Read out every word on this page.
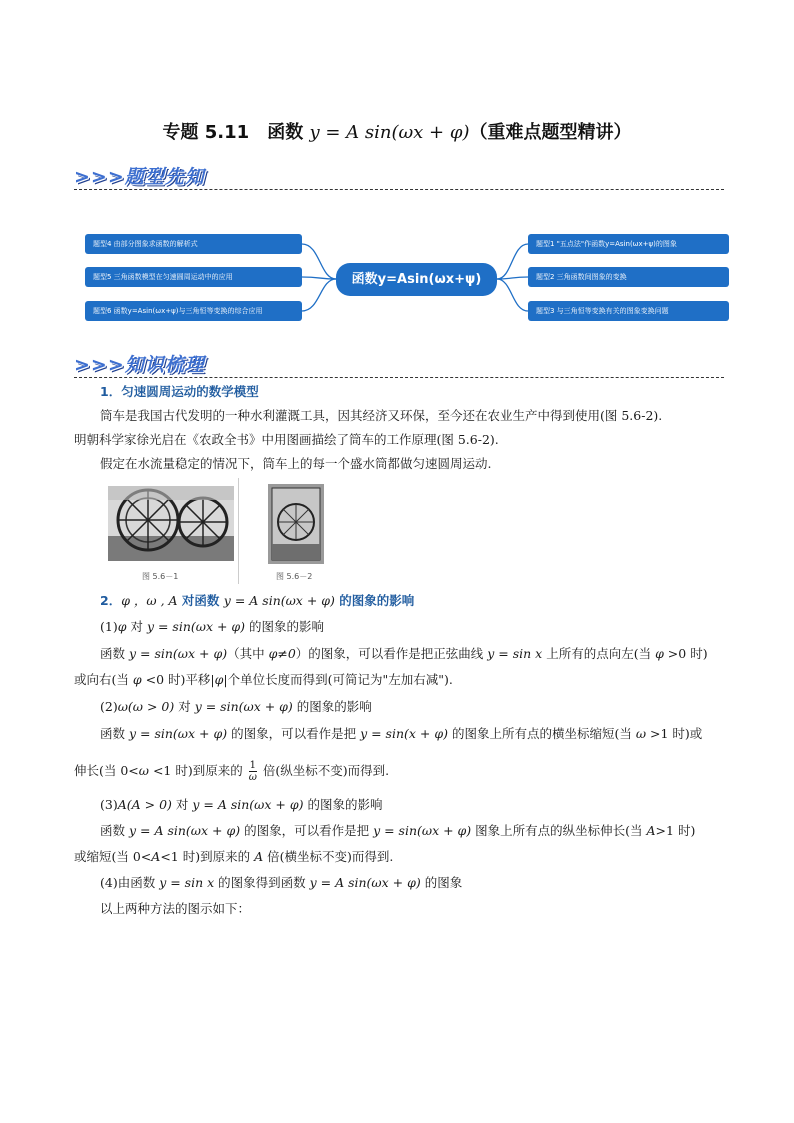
专题 5.11　函数 y = A sin(ωx + φ)（重难点题型精讲）
>>>题型先知
题型4 由部分图象求函数的解析式
题型5 三角函数模型在匀速圆周运动中的应用
题型6 函数y=Asin(ωx+ψ)与三角恒等变换的综合应用
函数y=Asin(ωx+ψ)
题型1 "五点法"作函数y=Asin(ωx+ψ)的图象
题型2 三角函数间图象的变换
题型3 与三角恒等变换有关的图象变换问题
>>>知识梳理
1．匀速圆周运动的数学模型
筒车是我国古代发明的一种水利灌溉工具，因其经济又环保，至今还在农业生产中得到使用(图 5.6-2).
明朝科学家徐光启在《农政全书》中用图画描绘了筒车的工作原理(图 5.6-2).
假定在水流量稳定的情况下，筒车上的每一个盛水筒都做匀速圆周运动.
图 5.6－1	图 5.6－2
2．φ ，ω , A 对函数 y = A sin(ωx + φ) 的图象的影响
(1)φ 对 y = sin(ωx + φ) 的图象的影响
函数 y = sin(ωx + φ)（其中 φ≠0）的图象，可以看作是把正弦曲线 y = sin x 上所有的点向左(当 φ >0 时)
或向右(当 φ <0 时)平移|φ|个单位长度而得到(可简记为"左加右减").
(2)ω(ω > 0) 对 y = sin(ωx + φ) 的图象的影响
函数 y = sin(ωx + φ) 的图象，可以看作是把 y = sin(x + φ) 的图象上所有点的横坐标缩短(当 ω >1 时)或
伸长(当 0<ω <1 时)到原来的 $\frac{1}{\omega}$ 倍(纵坐标不变)而得到.
(3)A(A > 0) 对 y = A sin(ωx + φ) 的图象的影响
函数 y = A sin(ωx + φ) 的图象，可以看作是把 y = sin(ωx + φ) 图象上所有点的纵坐标伸长(当 A>1 时)
或缩短(当 0<A<1 时)到原来的 A 倍(横坐标不变)而得到.
(4)由函数 y = sin x 的图象得到函数 y = A sin(ωx + φ) 的图象
以上两种方法的图示如下：
